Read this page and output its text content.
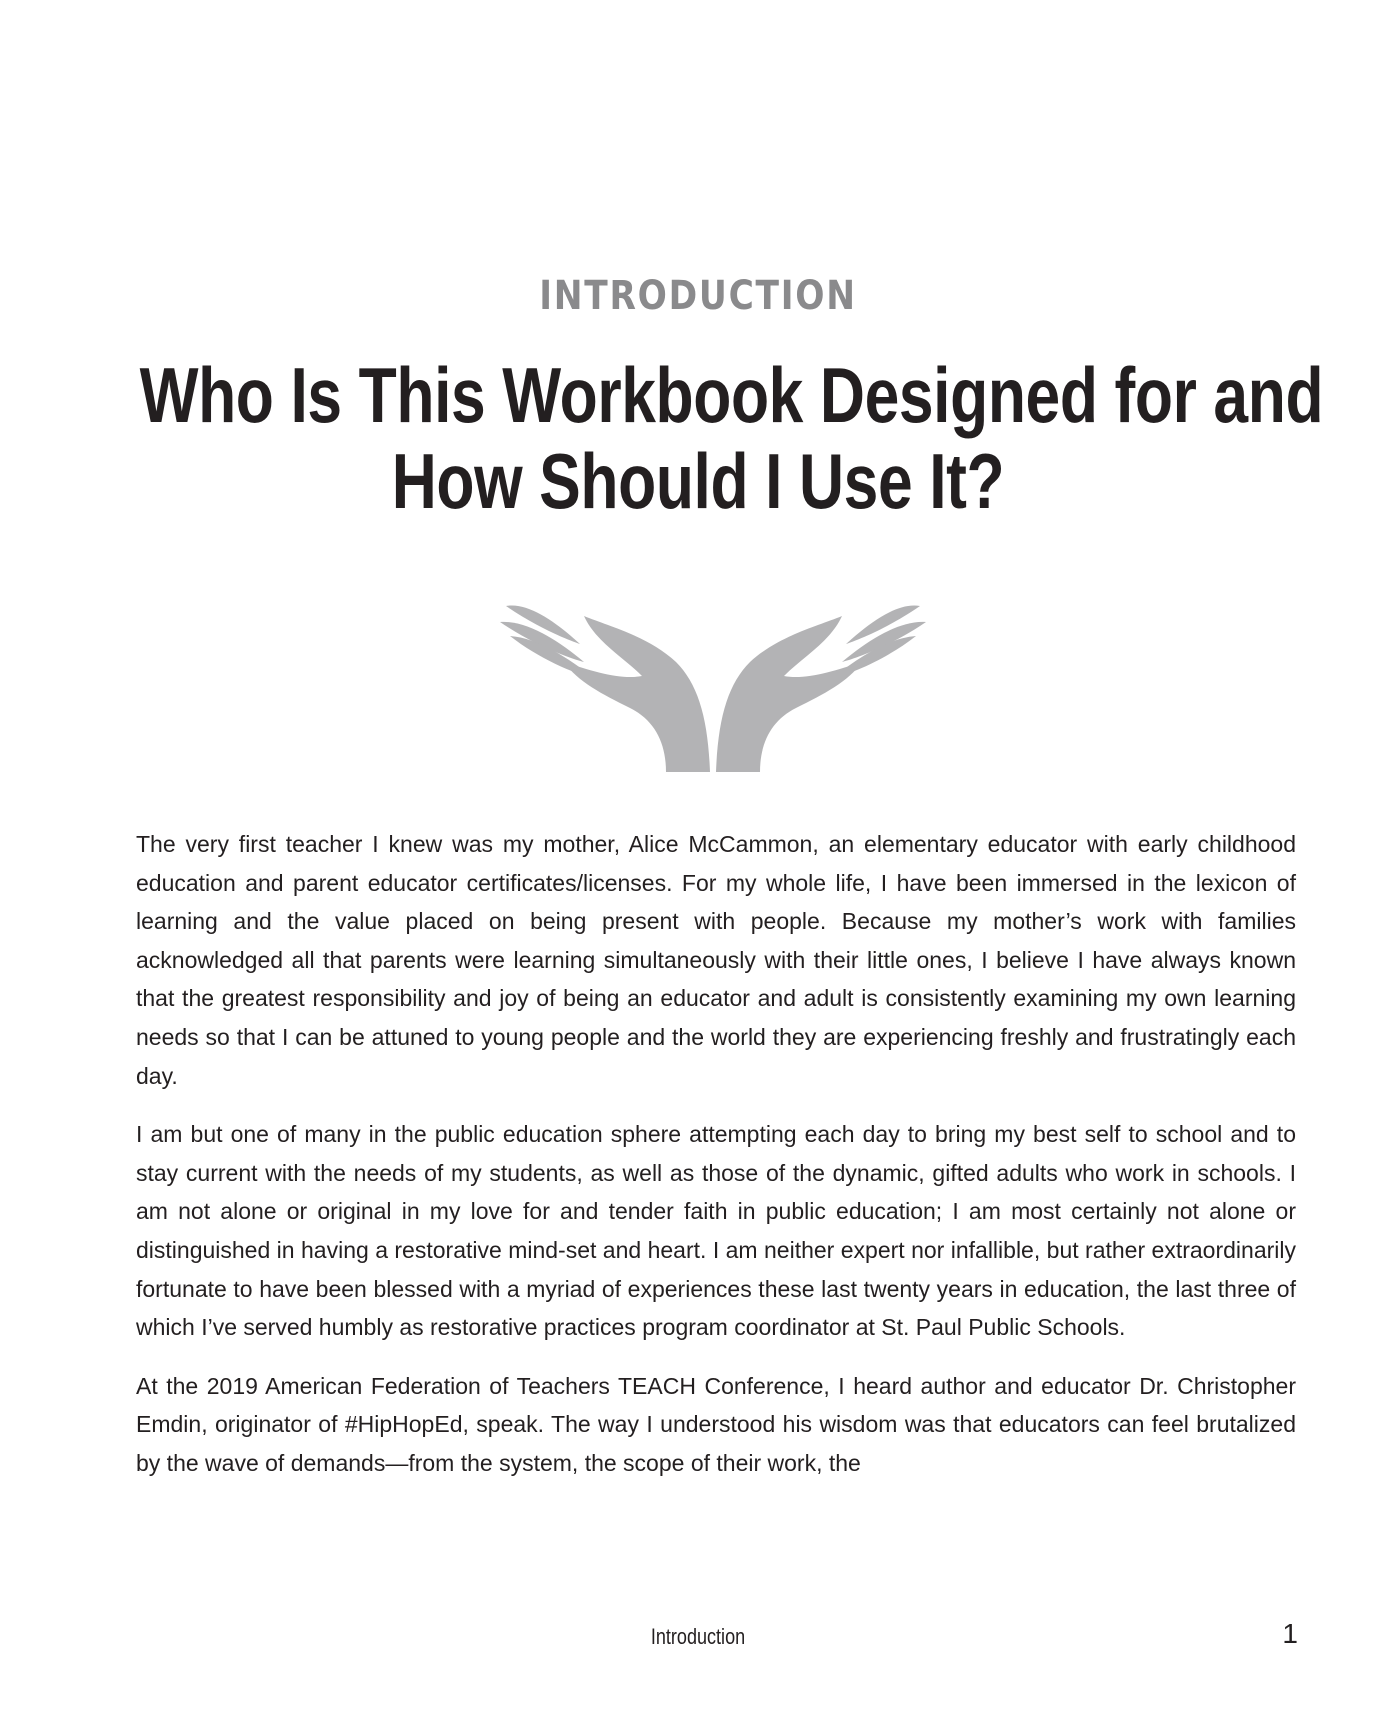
INTRODUCTION
Who Is This Workbook Designed for and
How Should I Use It?

The very first teacher I knew was my mother, Alice McCammon, an elementary educator with early childhood education and parent educator certificates/licenses. For my whole life, I have been immersed in the lexicon of learning and the value placed on being present with people. Because my mother’s work with families acknowledged all that parents were learning simultaneously with their little ones, I believe I have always known that the greatest responsibility and joy of being an educator and adult is consistently examining my own learning needs so that I can be attuned to young people and the world they are experiencing freshly and frustratingly each day.

I am but one of many in the public education sphere attempting each day to bring my best self to school and to stay current with the needs of my students, as well as those of the dynamic, gifted adults who work in schools. I am not alone or original in my love for and tender faith in public education; I am most certainly not alone or distinguished in having a restorative mind-set and heart. I am neither expert nor infallible, but rather extraordinarily fortunate to have been blessed with a myriad of experiences these last twenty years in education, the last three of which I’ve served humbly as restorative practices program coordinator at St. Paul Public Schools.

At the 2019 American Federation of Teachers TEACH Conference, I heard author and educator Dr. Christopher Emdin, originator of #HipHopEd, speak. The way I understood his wisdom was that educators can feel brutalized by the wave of demands—from the system, the scope of their work, the

Introduction	1
